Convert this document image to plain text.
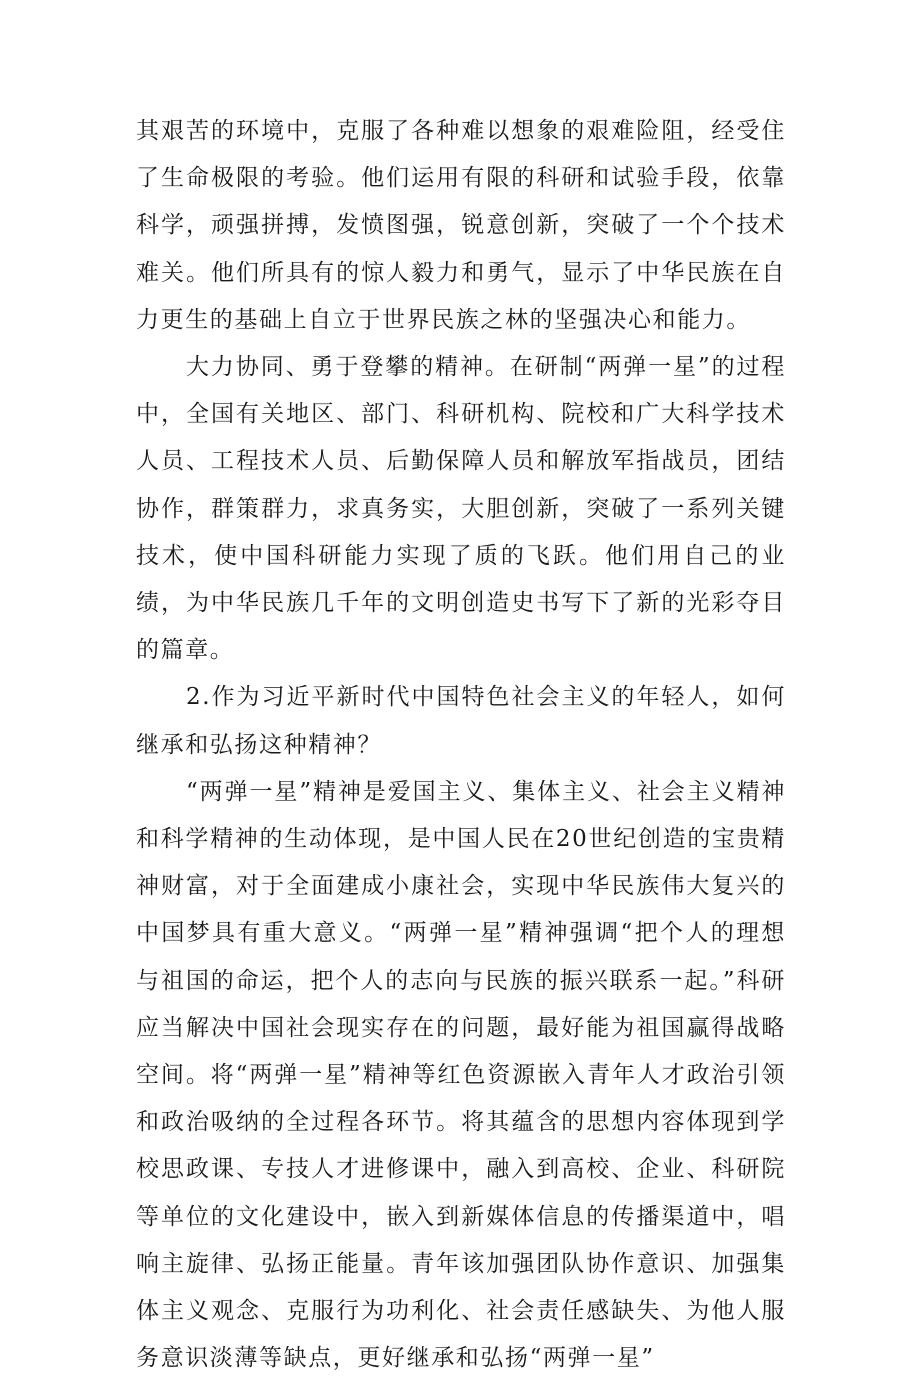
其艰苦的环境中，克服了各种难以想象的艰难险阻，经受住了生命极限的考验。他们运用有限的科研和试验手段，依靠科学，顽强拼搏，发愤图强，锐意创新，突破了一个个技术难关。他们所具有的惊人毅力和勇气，显示了中华民族在自力更生的基础上自立于世界民族之林的坚强决心和能力。

大力协同、勇于登攀的精神。在研制“两弹一星”的过程中，全国有关地区、部门、科研机构、院校和广大科学技术人员、工程技术人员、后勤保障人员和解放军指战员，团结协作，群策群力，求真务实，大胆创新，突破了一系列关键技术，使中国科研能力实现了质的飞跃。他们用自己的业绩，为中华民族几千年的文明创造史书写下了新的光彩夺目的篇章。

2.作为习近平新时代中国特色社会主义的年轻人，如何继承和弘扬这种精神？

“两弹一星”精神是爱国主义、集体主义、社会主义精神和科学精神的生动体现，是中国人民在20世纪创造的宝贵精神财富，对于全面建成小康社会，实现中华民族伟大复兴的中国梦具有重大意义。“两弹一星”精神强调“把个人的理想与祖国的命运，把个人的志向与民族的振兴联系一起。”科研应当解决中国社会现实存在的问题，最好能为祖国赢得战略空间。将“两弹一星”精神等红色资源嵌入青年人才政治引领和政治吸纳的全过程各环节。将其蕴含的思想内容体现到学校思政课、专技人才进修课中，融入到高校、企业、科研院等单位的文化建设中，嵌入到新媒体信息的传播渠道中，唱响主旋律、弘扬正能量。青年该加强团队协作意识、加强集体主义观念、克服行为功利化、社会责任感缺失、为他人服务意识淡薄等缺点，更好继承和弘扬“两弹一星”
